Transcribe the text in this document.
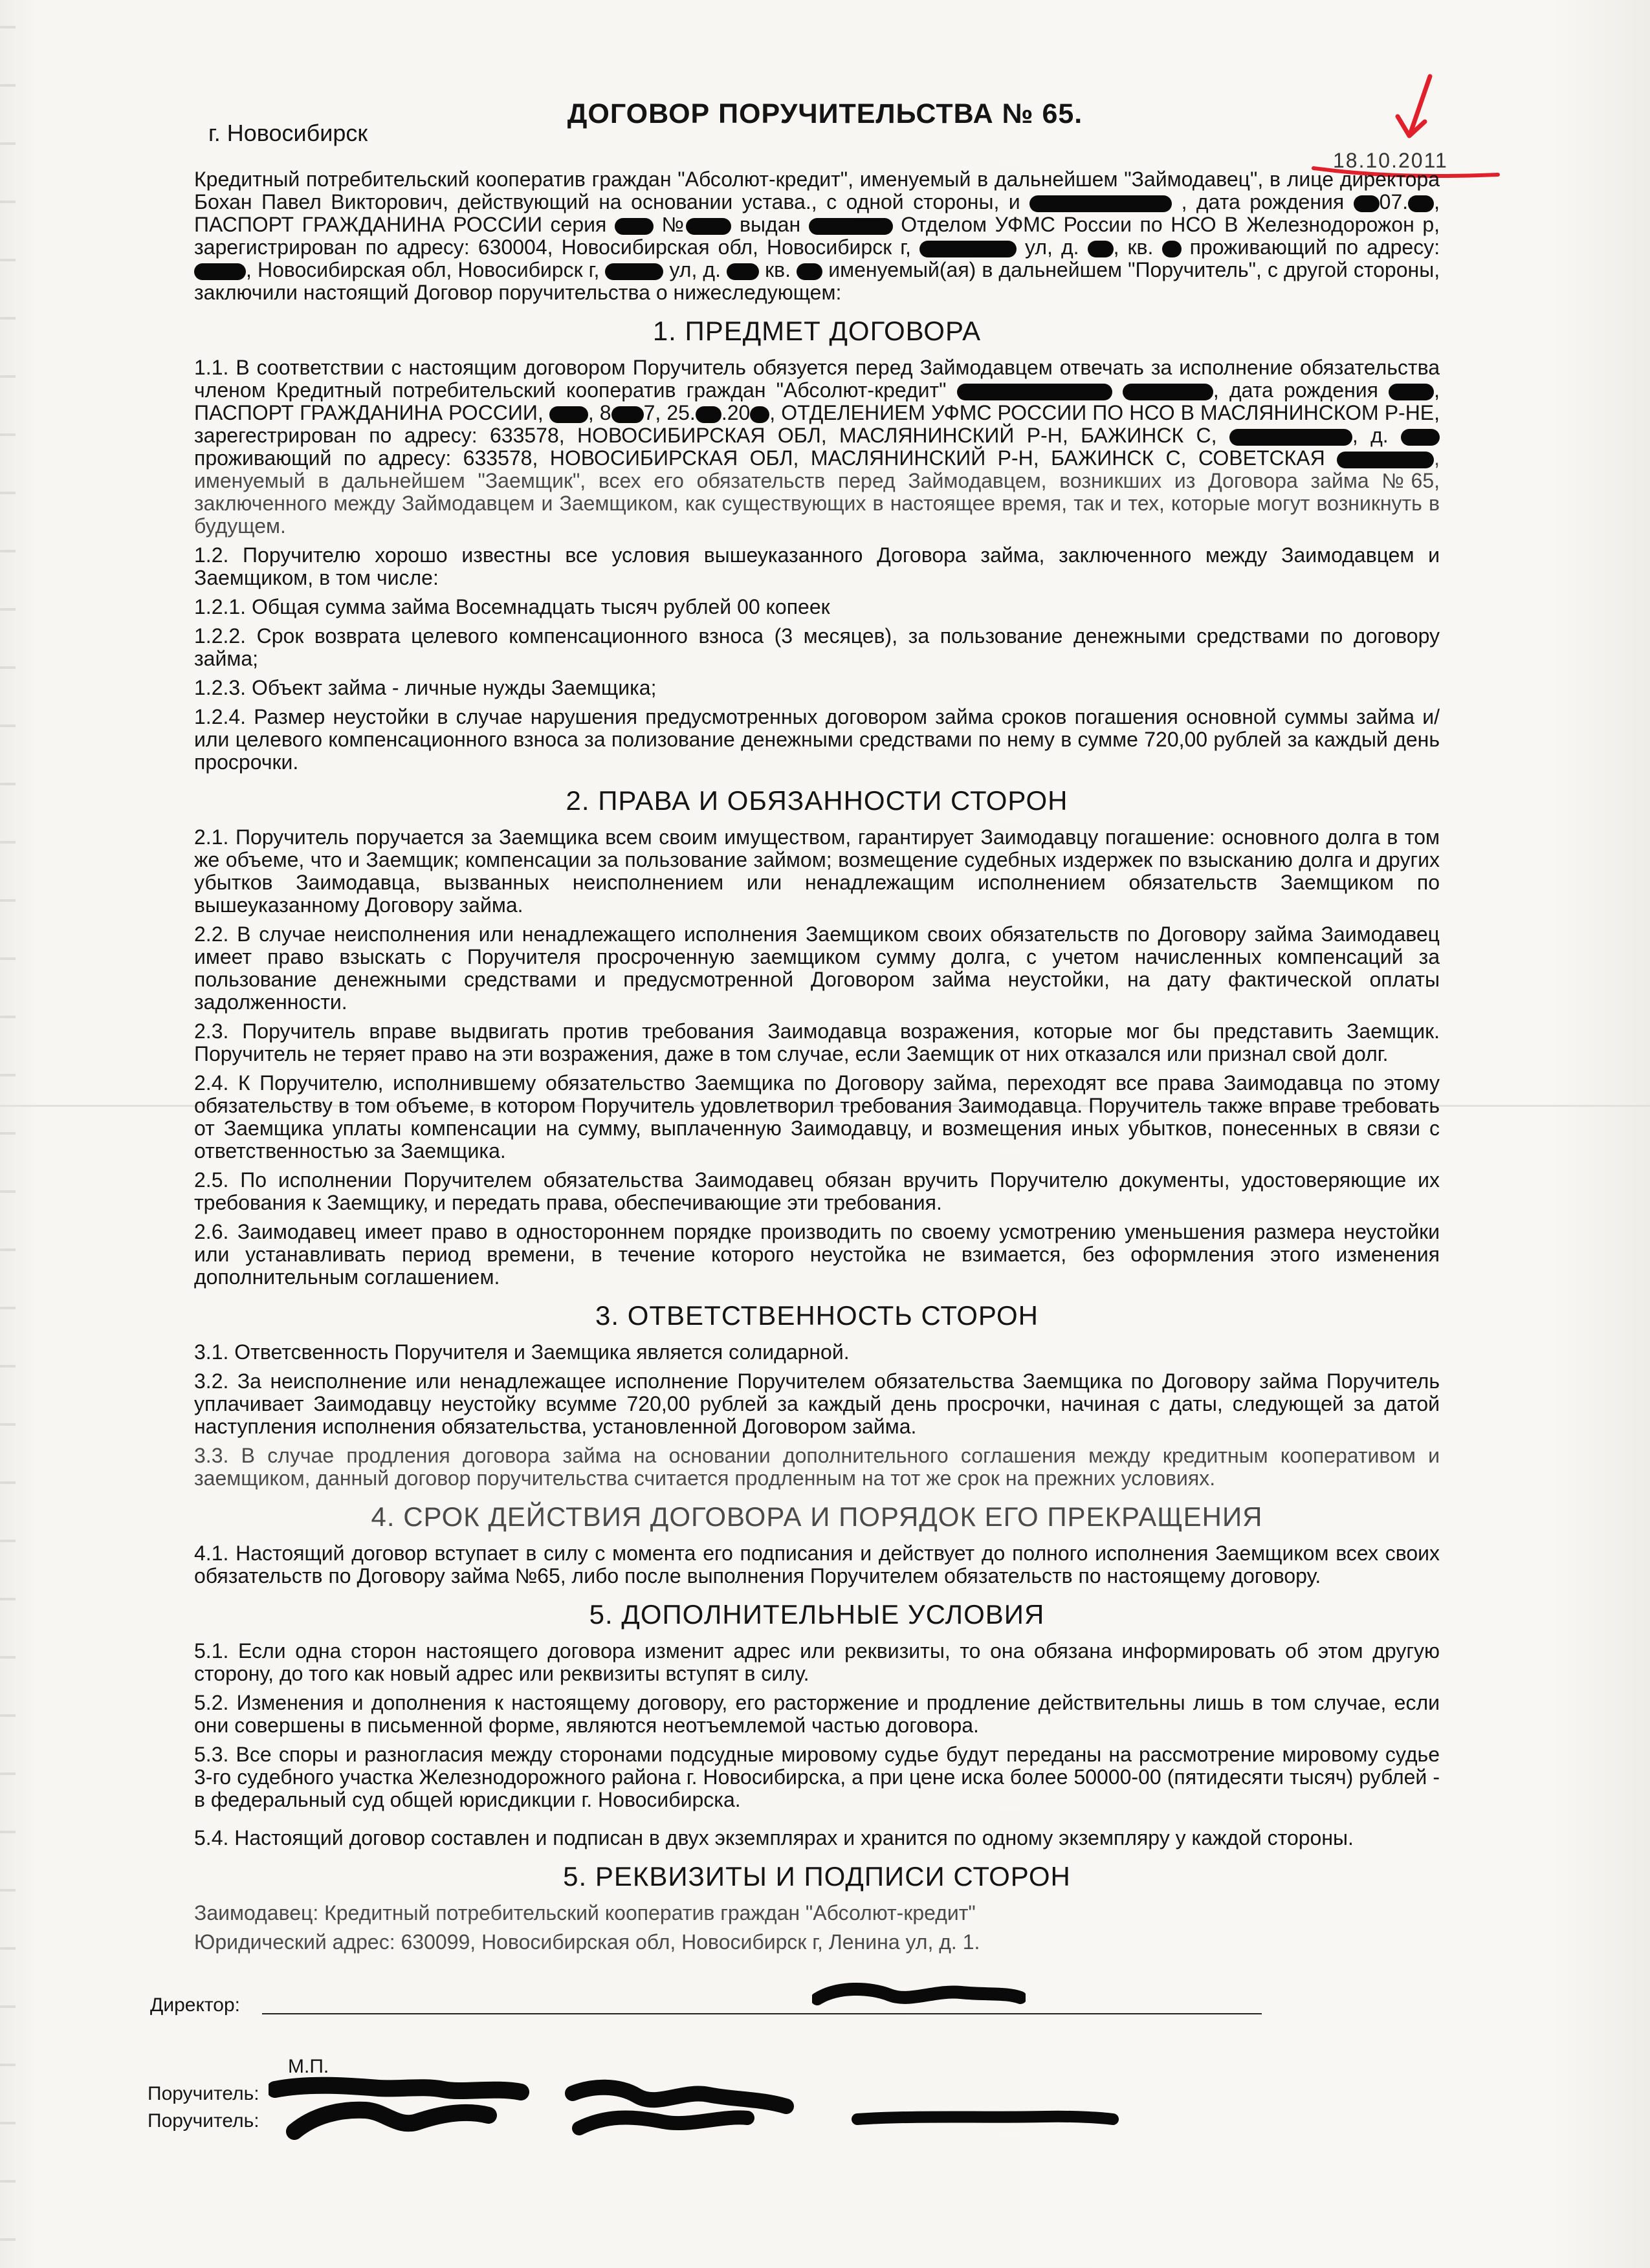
ДОГОВОР ПОРУЧИТЕЛЬСТВА № 65.
г. Новосибирск
18.10.2011

Кредитный потребительский кооператив граждан "Абсолют-кредит", именуемый в дальнейшем "Займодавец", в лице директора Бохан Павел Викторович, действующий на основании устава., с одной стороны, и	, дата рождения 07. , ПАСПОРТ ГРАЖДАНИНА РОССИИ серия	№	выдан	Отделом УФМС России по НСО В Железнодорожон р, зарегистрирован по адресу: 630004, Новосибирская обл, Новосибирск г,	ул, д. , кв. проживающий по адресу: , Новосибирская обл, Новосибирск г,	ул, д. кв. именуемый(ая) в дальнейшем "Поручитель", с другой стороны, заключили настоящий Договор поручительства о нижеследующем:

1. ПРЕДМЕТ ДОГОВОРА

1.1. В соответствии с настоящим договором Поручитель обязуется перед Займодавцем отвечать за исполнение обязательства членом Кредитный потребительский кооператив граждан "Абсолют-кредит"	, дата рождения	, ПАСПОРТ ГРАЖДАНИНА РОССИИ, , 8 7, 25. .20 , ОТДЕЛЕНИЕМ УФМС РОССИИ ПО НСО В МАСЛЯНИНСКОМ Р-НЕ, зарегестрирован по адресу: 633578, НОВОСИБИРСКАЯ ОБЛ, МАСЛЯНИНСКИЙ Р-Н, БАЖИНСК С,	, д.  проживающий по адресу: 633578, НОВОСИБИРСКАЯ ОБЛ, МАСЛЯНИНСКИЙ Р-Н, БАЖИНСК С, СОВЕТСКАЯ	, именуемый в дальнейшем "Заемщик", всех его обязательств перед Займодавцем, возникших из Договора займа №65, заключенного между Займодавцем и Заемщиком, как существующих в настоящее время, так и тех, которые могут возникнуть в будущем.

1.2. Поручителю хорошо известны все условия вышеуказанного Договора займа, заключенного между Заимодавцем и Заемщиком, в том числе:

1.2.1. Общая сумма займа Восемнадцать тысяч рублей 00 копеек

1.2.2. Срок возврата целевого компенсационного взноса (3 месяцев), за пользование денежными средствами по договору займа;

1.2.3. Объект займа - личные нужды Заемщика;

1.2.4. Размер неустойки в случае нарушения предусмотренных договором займа сроков погашения основной суммы займа и/или целевого компенсационного взноса за полизование денежными средствами по нему в сумме 720,00 рублей за каждый день просрочки.

2. ПРАВА И ОБЯЗАННОСТИ СТОРОН

2.1. Поручитель поручается за Заемщика всем своим имуществом, гарантирует Заимодавцу погашение: основного долга в том же объеме, что и Заемщик; компенсации за пользование займом; возмещение судебных издержек по взысканию долга и других убытков Заимодавца, вызванных неисполнением или ненадлежащим исполнением обязательств Заемщиком по вышеуказанному Договору займа.

2.2. В случае неисполнения или ненадлежащего исполнения Заемщиком своих обязательств по Договору займа Заимодавец имеет право взыскать с Поручителя просроченную заемщиком сумму долга, с учетом начисленных компенсаций за пользование денежными средствами и предусмотренной Договором займа неустойки, на дату фактической оплаты задолженности.

2.3. Поручитель вправе выдвигать против требования Заимодавца возражения, которые мог бы представить Заемщик. Поручитель не теряет право на эти возражения, даже в том случае, если Заемщик от них отказался или признал свой долг.

2.4. К Поручителю, исполнившему обязательство Заемщика по Договору займа, переходят все права Заимодавца по этому обязательству в том объеме, в котором Поручитель удовлетворил требования Заимодавца. Поручитель также вправе требовать от Заемщика уплаты компенсации на сумму, выплаченную Заимодавцу, и возмещения иных убытков, понесенных в связи с ответственностью за Заемщика.

2.5. По исполнении Поручителем обязательства Заимодавец обязан вручить Поручителю документы, удостоверяющие их требования к Заемщику, и передать права, обеспечивающие эти требования.

2.6. Заимодавец имеет право в одностороннем порядке производить по своему усмотрению уменьшения размера неустойки или устанавливать период времени, в течение которого неустойка не взимается, без оформления этого изменения дополнительным соглашением.

3. ОТВЕТСТВЕННОСТЬ СТОРОН

3.1. Ответсвенность Поручителя и Заемщика является солидарной.

3.2. За неисполнение или ненадлежащее исполнение Поручителем обязательства Заемщика по Договору займа Поручитель уплачивает Заимодавцу неустойку всумме 720,00 рублей за каждый день просрочки, начиная с даты, следующей за датой наступления исполнения обязательства, установленной Договором займа.

3.3. В случае продления договора займа на основании дополнительного соглашения между кредитным кооперативом и заемщиком, данный договор поручительства считается продленным на тот же срок на прежних условиях.

4. СРОК ДЕЙСТВИЯ ДОГОВОРА И ПОРЯДОК ЕГО ПРЕКРАЩЕНИЯ

4.1. Настоящий договор вступает в силу с момента его подписания и действует до полного исполнения Заемщиком всех своих обязательств по Договору займа №65, либо после выполнения Поручителем обязательств по настоящему договору.

5. ДОПОЛНИТЕЛЬНЫЕ УСЛОВИЯ

5.1. Если одна сторон настоящего договора изменит адрес или реквизиты, то она обязана информировать об этом другую сторону, до того как новый адрес или реквизиты вступят в силу.

5.2. Изменения и дополнения к настоящему договору, его расторжение и продление действительны лишь в том случае, если они совершены в письменной форме, являются неотъемлемой частью договора.

5.3. Все споры и разногласия между сторонами подсудные мировому судье будут переданы на рассмотрение мировому судье 3-го судебного участка Железнодорожного района г. Новосибирска, а при цене иска более 50000-00 (пятидесяти тысяч) рублей - в федеральный суд общей юрисдикции г. Новосибирска.

5.4. Настоящий договор составлен и подписан в двух экземплярах и хранится по одному экземпляру у каждой стороны.

5. РЕКВИЗИТЫ И ПОДПИСИ СТОРОН

Заимодавец: Кредитный потребительский кооператив граждан "Абсолют-кредит"

Юридический адрес: 630099, Новосибирская обл, Новосибирск г, Ленина ул, д. 1.

Директор:
М.П.
Поручитель:
Поручитель:
